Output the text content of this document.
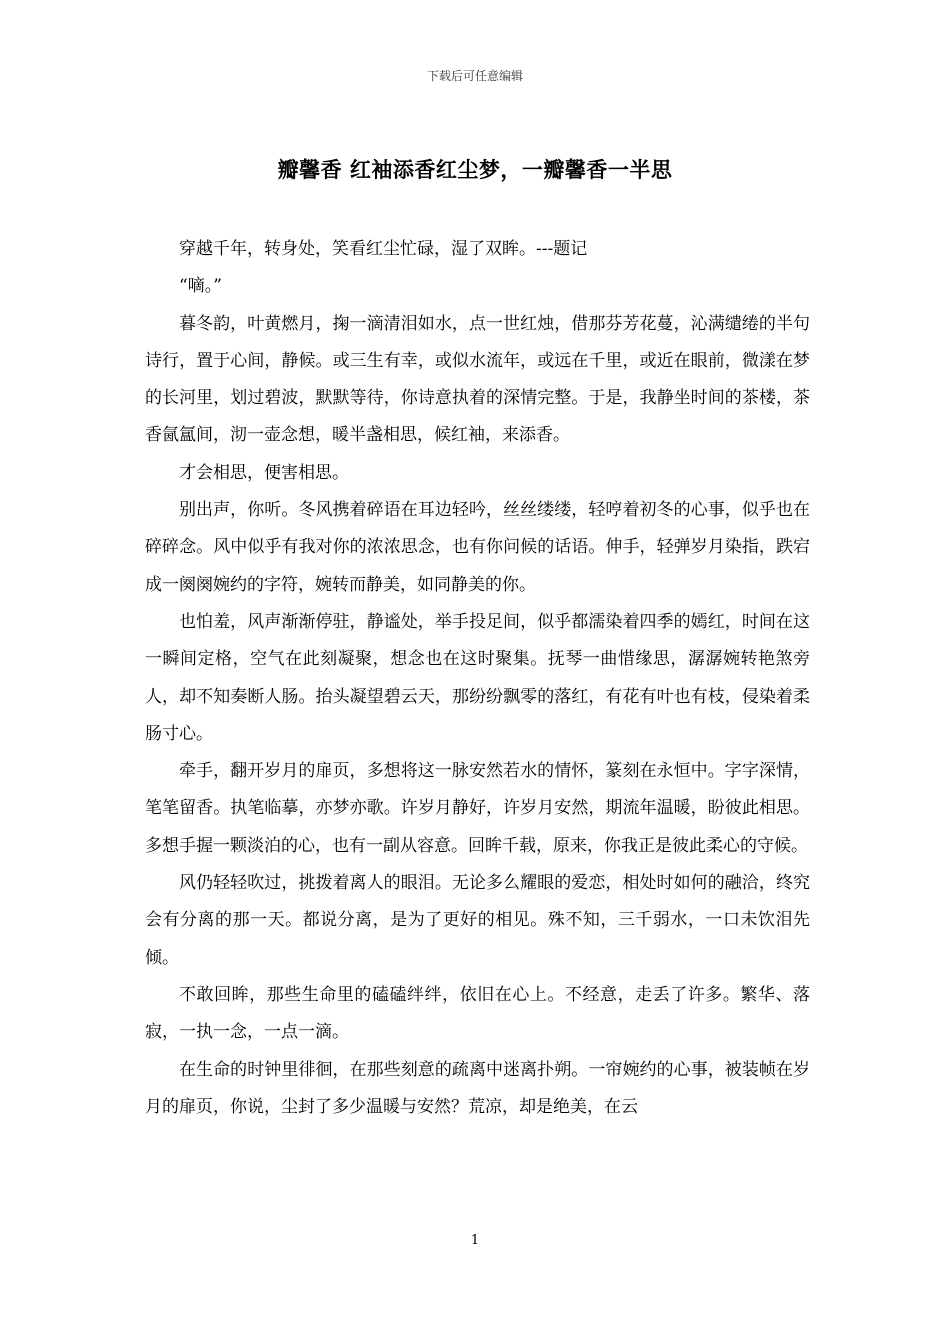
下载后可任意编辑
瓣馨香 红袖添香红尘梦，一瓣馨香一半思

穿越千年，转身处，笑看红尘忙碌，湿了双眸。---题记

“嘀。”

暮冬韵，叶黄燃月，掬一滴清泪如水，点一世红烛，借那芬芳花蔓，沁满缱绻的半句诗行，置于心间，静候。或三生有幸，或似水流年，或远在千里，或近在眼前，微漾在梦的长河里，划过碧波，默默等待，你诗意执着的深情完整。于是，我静坐时间的茶楼，茶香氤氲间，沏一壶念想，暖半盏相思，候红袖，来添香。

才会相思，便害相思。

别出声，你听。冬风携着碎语在耳边轻吟，丝丝缕缕，轻哼着初冬的心事，似乎也在碎碎念。风中似乎有我对你的浓浓思念，也有你问候的话语。伸手，轻弹岁月染指，跌宕成一阕阕婉约的字符，婉转而静美，如同静美的你。

也怕羞，风声渐渐停驻，静谧处，举手投足间，似乎都濡染着四季的嫣红，时间在这一瞬间定格，空气在此刻凝聚，想念也在这时聚集。抚琴一曲惜缘思，潺潺婉转艳煞旁人，却不知奏断人肠。抬头凝望碧云天，那纷纷飘零的落红，有花有叶也有枝，侵染着柔肠寸心。

牵手，翻开岁月的扉页，多想将这一脉安然若水的情怀，篆刻在永恒中。字字深情，笔笔留香。执笔临摹，亦梦亦歌。许岁月静好，许岁月安然，期流年温暖，盼彼此相思。多想手握一颗淡泊的心，也有一副从容意。回眸千载，原来，你我正是彼此柔心的守候。

风仍轻轻吹过，挑拨着离人的眼泪。无论多么耀眼的爱恋，相处时如何的融洽，终究会有分离的那一天。都说分离，是为了更好的相见。殊不知，三千弱水，一口未饮泪先倾。

不敢回眸，那些生命里的磕磕绊绊，依旧在心上。不经意，走丢了许多。繁华、落寂，一执一念，一点一滴。

在生命的时钟里徘徊，在那些刻意的疏离中迷离扑朔。一帘婉约的心事，被装帧在岁月的扉页，你说，尘封了多少温暖与安然？荒凉，却是绝美，在云

1
